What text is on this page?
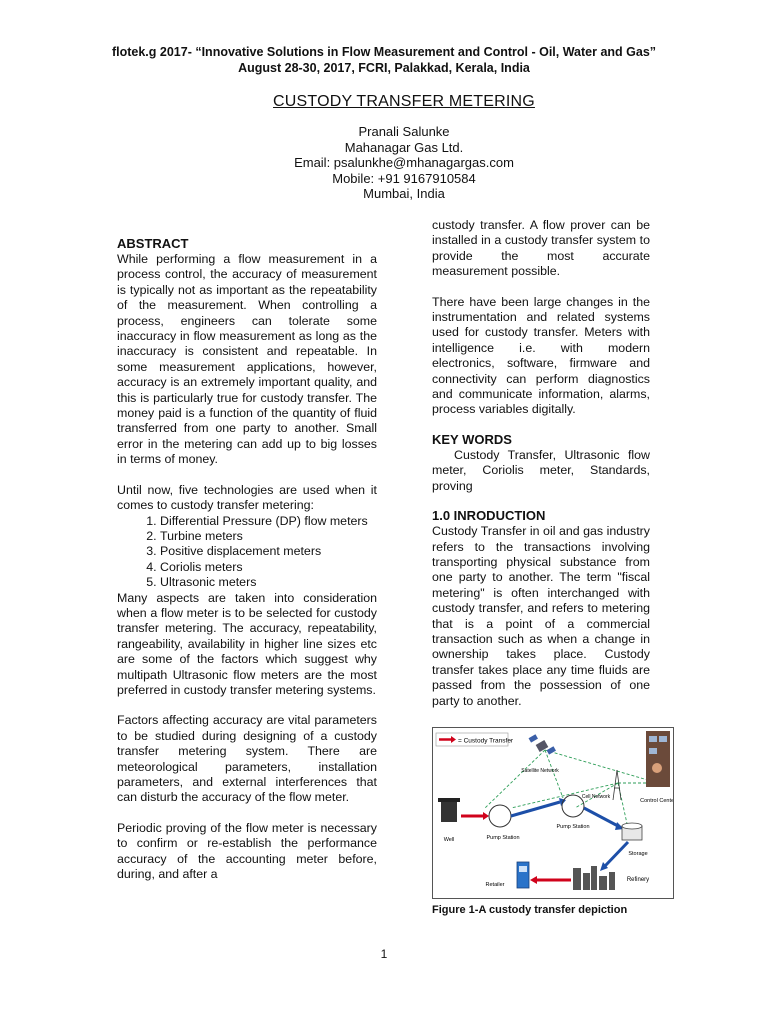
flotek.g 2017- “Innovative Solutions in Flow Measurement and Control - Oil, Water and Gas”
August 28-30, 2017, FCRI, Palakkad, Kerala, India
CUSTODY TRANSFER METERING
Pranali Salunke
Mahanagar Gas Ltd.
Email: psalunkhe@mhanagargas.com
Mobile: +91 9167910584
Mumbai, India
ABSTRACT

While performing a flow measurement in a process control, the accuracy of measurement is typically not as important as the repeatability of the measurement. When controlling a process, engineers can tolerate some inaccuracy in flow measurement as long as the inaccuracy is consistent and repeatable. In some measurement applications, however, accuracy is an extremely important quality, and this is particularly true for custody transfer. The money paid is a function of the quantity of fluid transferred from one party to another. Small error in the metering can add up to big losses in terms of money.

Until now, five technologies are used when it comes to custody transfer metering:

1. Differential Pressure (DP) flow meters
2. Turbine meters
3. Positive displacement meters
4. Coriolis meters
5. Ultrasonic meters

Many aspects are taken into consideration when a flow meter is to be selected for custody transfer metering. The accuracy, repeatability, rangeability, availability in higher line sizes etc are some of the factors which suggest why multipath Ultrasonic flow meters are the most preferred in custody transfer metering systems.

Factors affecting accuracy are vital parameters to be studied during designing of a custody transfer metering system. There are meteorological parameters, installation parameters, and external interferences that can disturb the accuracy of the flow meter.

Periodic proving of the flow meter is necessary to confirm or re-establish the performance accuracy of the accounting meter before, during, and after a

custody transfer. A flow prover can be installed in a custody transfer system to provide the most accurate measurement possible.

There have been large changes in the instrumentation and related systems used for custody transfer. Meters with intelligence i.e. with modern electronics, software, firmware and connectivity can perform diagnostics and communicate information, alarms, process variables digitally.

KEY WORDS

Custody Transfer, Ultrasonic flow meter, Coriolis meter, Standards, proving

1.0 INRODUCTION

Custody Transfer in oil and gas industry refers to the transactions involving transporting physical substance from one party to another. The term "fiscal metering" is often interchanged with custody transfer, and refers to metering that is a point of a commercial transaction such as when a change in ownership takes place. Custody transfer takes place any time fluids are passed from the possession of one party to another.

= Custody Transfer
Satellite Network
Cell Network
Control Center
Well	Pump Station
Pump Station
Storage
Refinery
Retailer
Figure 1-A custody transfer depiction
1
